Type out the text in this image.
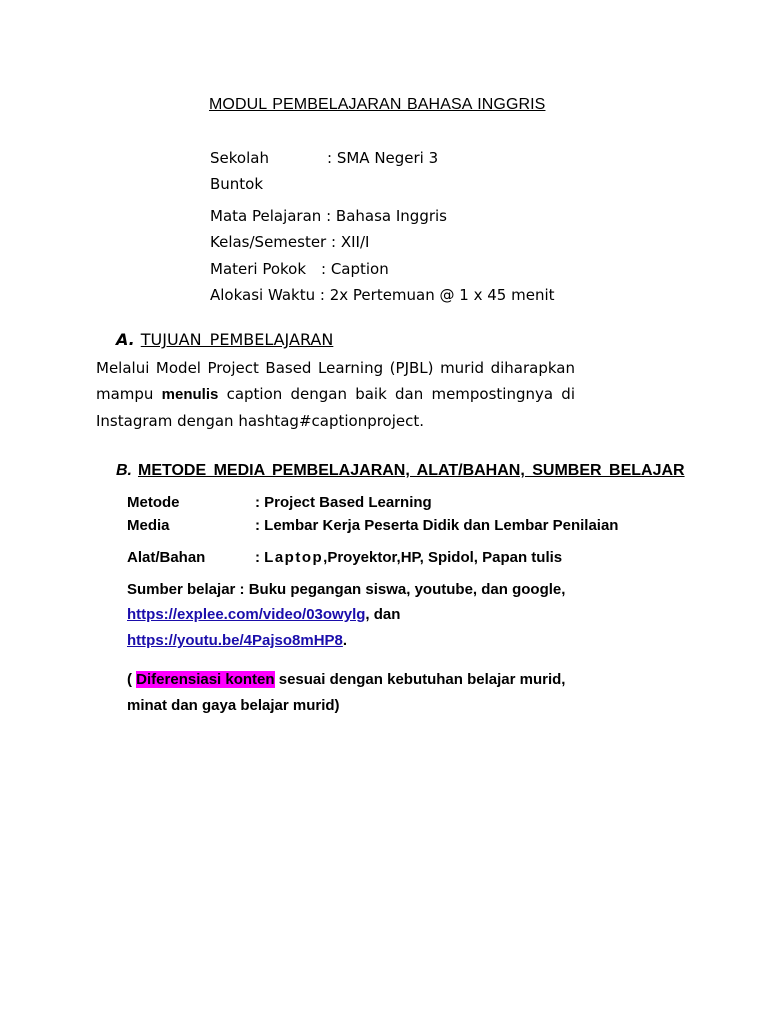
MODUL PEMBELAJARAN BAHASA INGGRIS
Sekolah	: SMA Negeri 3
Buntok
Mata Pelajaran : Bahasa Inggris
Kelas/Semester : XII/I
Materi Pokok : Caption
Alokasi Waktu : 2x Pertemuan @ 1 x 45 menit
A. TUJUAN PEMBELAJARAN
Melalui Model Project Based Learning (PJBL) murid diharapkan mampu menulis caption dengan baik dan mempostingnya di Instagram dengan hashtag#captionproject.
B. METODE MEDIA PEMBELAJARAN, ALAT/BAHAN, SUMBER BELAJAR
Metode	: Project Based Learning
Media	: Lembar Kerja Peserta Didik dan Lembar Penilaian
Alat/Bahan	: Laptop,Proyektor,HP, Spidol, Papan tulis
Sumber belajar : Buku pegangan siswa, youtube, dan google,
https://explee.com/video/03owylg, dan
https://youtu.be/4Pajso8mHP8.
( Diferensiasi konten sesuai dengan kebutuhan belajar murid,
minat dan gaya belajar murid)
